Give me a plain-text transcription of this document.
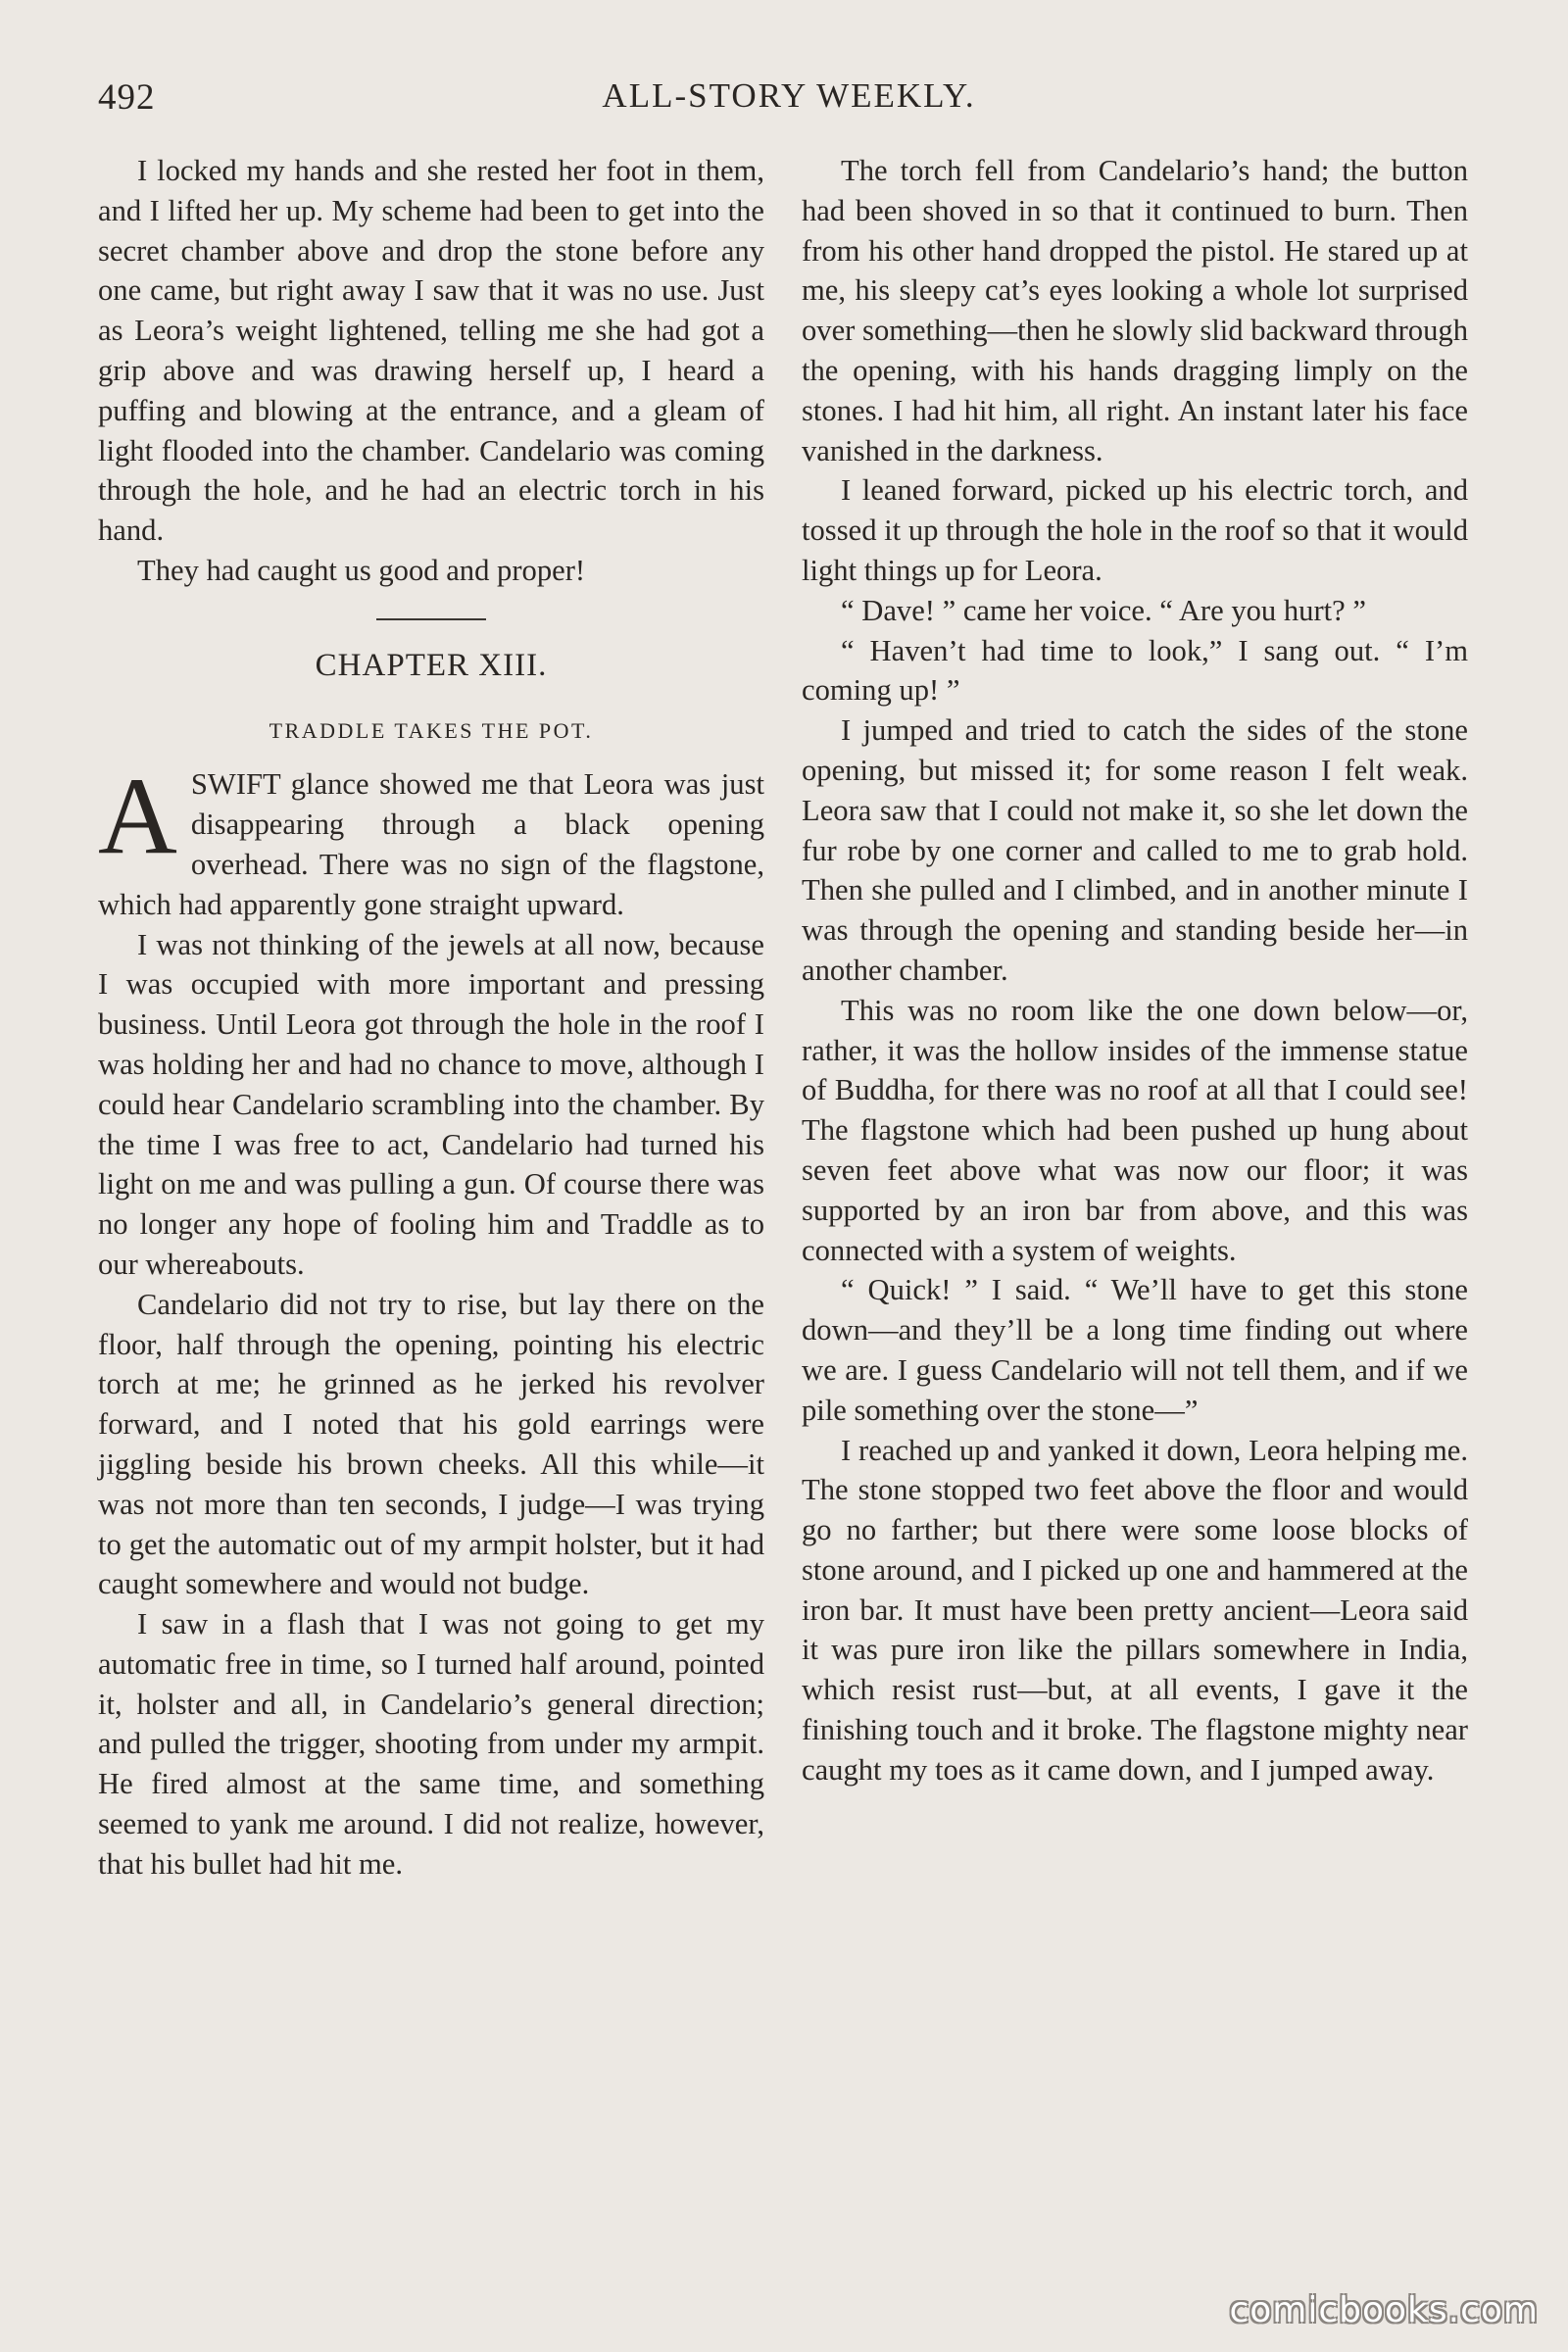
492	ALL-STORY WEEKLY.

I locked my hands and she rested her foot in them, and I lifted her up. My scheme had been to get into the secret chamber above and drop the stone before any one came, but right away I saw that it was no use. Just as Leora’s weight lightened, telling me she had got a grip above and was drawing herself up, I heard a puffing and blowing at the entrance, and a gleam of light flooded into the chamber. Candelario was coming through the hole, and he had an electric torch in his hand.

They had caught us good and proper!

CHAPTER XIII.
TRADDLE TAKES THE POT.

ASWIFT glance showed me that Leora was just disappearing through a black opening overhead. There was no sign of the flagstone, which had apparently gone straight upward.

I was not thinking of the jewels at all now, because I was occupied with more important and pressing business. Until Leora got through the hole in the roof I was holding her and had no chance to move, although I could hear Candelario scrambling into the chamber. By the time I was free to act, Candelario had turned his light on me and was pulling a gun. Of course there was no longer any hope of fooling him and Traddle as to our whereabouts.

Candelario did not try to rise, but lay there on the floor, half through the opening, pointing his electric torch at me; he grinned as he jerked his revolver forward, and I noted that his gold earrings were jiggling beside his brown cheeks. All this while—it was not more than ten seconds, I judge—I was trying to get the automatic out of my armpit holster, but it had caught somewhere and would not budge.

I saw in a flash that I was not going to get my automatic free in time, so I turned half around, pointed it, holster and all, in Candelario’s general direction; and pulled the trigger, shooting from under my armpit. He fired almost at the same time, and something seemed to yank me around. I did not realize, however, that his bullet had hit me.

The torch fell from Candelario’s hand; the button had been shoved in so that it continued to burn. Then from his other hand dropped the pistol. He stared up at me, his sleepy cat’s eyes looking a whole lot surprised over something—then he slowly slid backward through the opening, with his hands dragging limply on the stones. I had hit him, all right. An instant later his face vanished in the darkness.

I leaned forward, picked up his electric torch, and tossed it up through the hole in the roof so that it would light things up for Leora.

“ Dave! ” came her voice. “ Are you hurt? ”

“ Haven’t had time to look,” I sang out. “ I’m coming up! ”

I jumped and tried to catch the sides of the stone opening, but missed it; for some reason I felt weak. Leora saw that I could not make it, so she let down the fur robe by one corner and called to me to grab hold. Then she pulled and I climbed, and in another minute I was through the opening and standing beside her—in another chamber.

This was no room like the one down below—or, rather, it was the hollow insides of the immense statue of Buddha, for there was no roof at all that I could see! The flagstone which had been pushed up hung about seven feet above what was now our floor; it was supported by an iron bar from above, and this was connected with a system of weights.

“ Quick! ” I said. “ We’ll have to get this stone down—and they’ll be a long time finding out where we are. I guess Candelario will not tell them, and if we pile something over the stone—”

I reached up and yanked it down, Leora helping me. The stone stopped two feet above the floor and would go no farther; but there were some loose blocks of stone around, and I picked up one and hammered at the iron bar. It must have been pretty ancient—Leora said it was pure iron like the pillars somewhere in India, which resist rust—but, at all events, I gave it the finishing touch and it broke. The flagstone mighty near caught my toes as it came down, and I jumped away.

comicbooks.com
